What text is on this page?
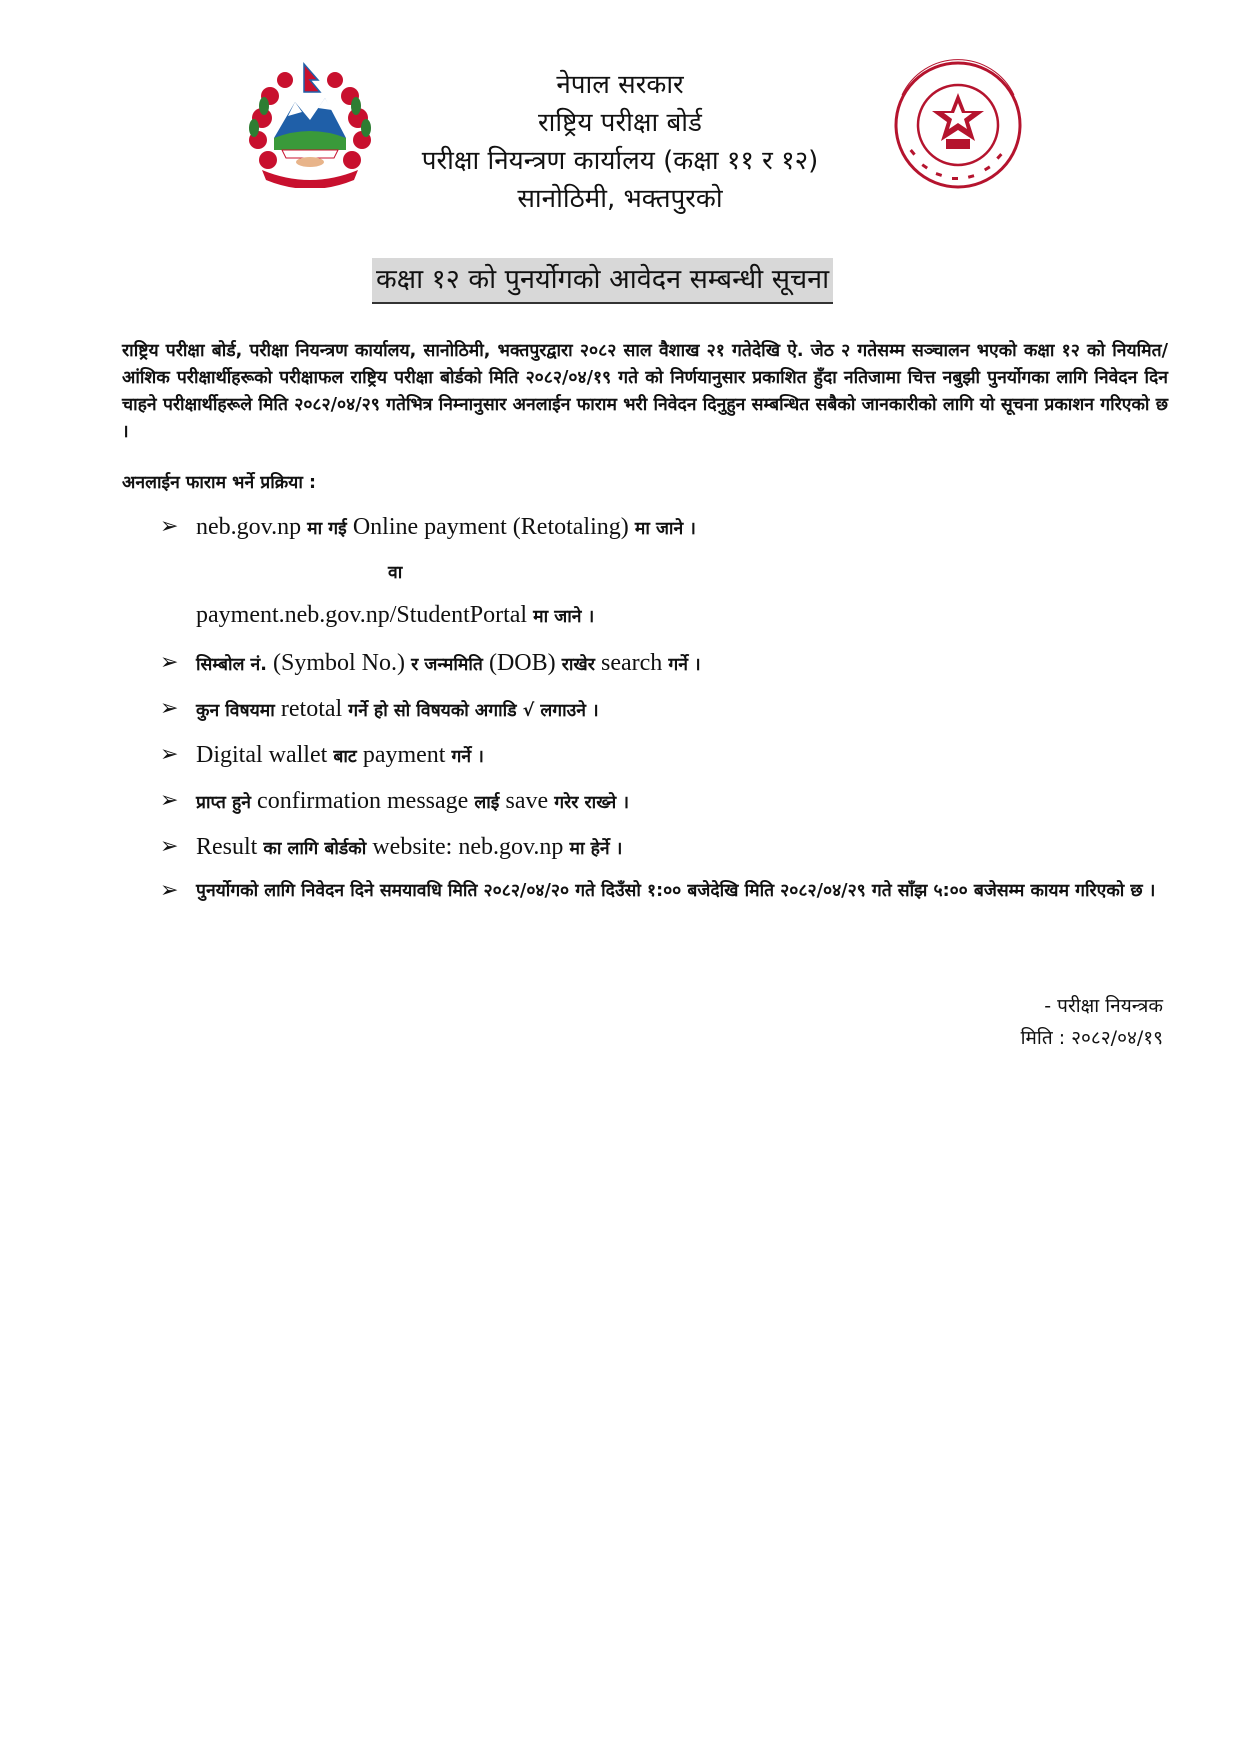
नेपाल सरकार
राष्ट्रिय परीक्षा बोर्ड
परीक्षा नियन्त्रण कार्यालय (कक्षा ११ र १२)
सानोठिमी, भक्तपुरको
कक्षा १२ को पुनर्योगको आवेदन सम्बन्धी सूचना
राष्ट्रिय परीक्षा बोर्ड, परीक्षा नियन्त्रण कार्यालय, सानोठिमी, भक्तपुरद्वारा २०८२ साल वैशाख २१ गतेदेखि ऐ. जेठ २ गतेसम्म सञ्चालन भएको कक्षा १२ को नियमित/आंशिक परीक्षार्थीहरूको परीक्षाफल राष्ट्रिय परीक्षा बोर्डको मिति २०८२/०४/१९ गते को निर्णयानुसार प्रकाशित हुँदा नतिजामा चित्त नबुझी पुनर्योगका लागि निवेदन दिन चाहने परीक्षार्थीहरूले मिति २०८२/०४/२९ गतेभित्र निम्नानुसार अनलाईन फाराम भरी निवेदन दिनुहुन सम्बन्धित सबैको जानकारीको लागि यो सूचना प्रकाशन गरिएको छ ।
अनलाईन फाराम भर्ने प्रक्रिया :
➢ neb.gov.np मा गई Online payment (Retotaling) मा जाने ।
वा
payment.neb.gov.np/StudentPortal मा जाने ।
➢	सिम्बोल नं. (Symbol No.) र जन्ममिति (DOB) राखेर search गर्ने ।
➢	कुन विषयमा retotal गर्ने हो सो विषयको अगाडि √ लगाउने ।
➢ Digital wallet बाट payment गर्ने ।
➢	प्राप्त हुने confirmation message लाई save गरेर राख्ने ।
➢ Result का लागि बोर्डको website: neb.gov.np मा हेर्ने ।
➢	पुनर्योगको लागि निवेदन दिने समयावधि मिति २०८२/०४/२० गते दिउँसो १:०० बजेदेखि मिति २०८२/०४/२९ गते साँझ ५:०० बजेसम्म कायम गरिएको छ ।
- परीक्षा नियन्त्रक
मिति : २०८२/०४/१९
